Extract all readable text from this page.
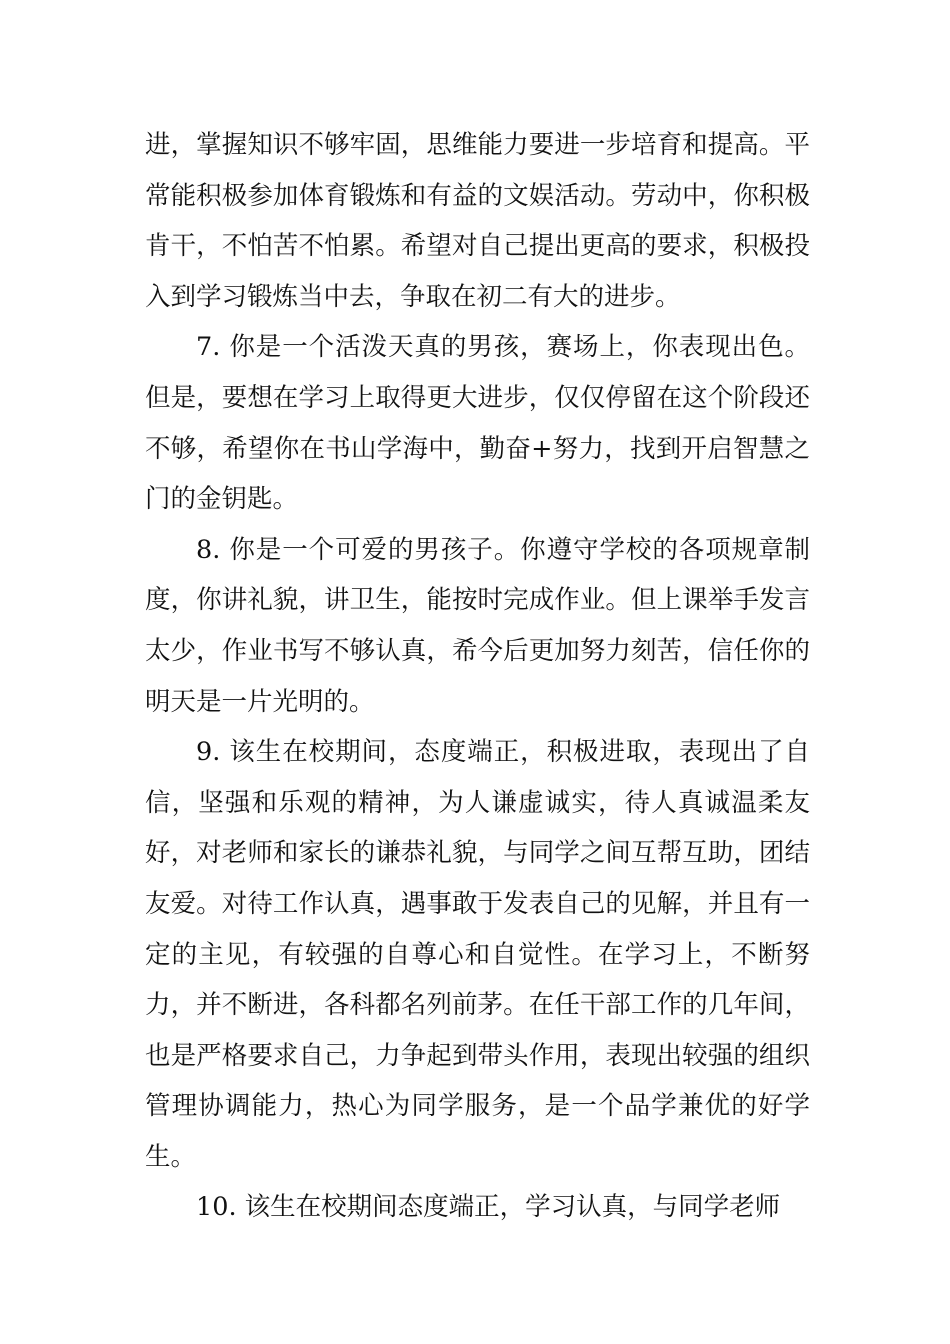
进，掌握知识不够牢固，思维能力要进一步培育和提高。平常能积极参加体育锻炼和有益的文娱活动。劳动中，你积极肯干，不怕苦不怕累。希望对自己提出更高的要求，积极投入到学习锻炼当中去，争取在初二有大的进步。

7. 你是一个活泼天真的男孩，赛场上，你表现出色。但是，要想在学习上取得更大进步，仅仅停留在这个阶段还不够，希望你在书山学海中，勤奋+努力，找到开启智慧之门的金钥匙。

8. 你是一个可爱的男孩子。你遵守学校的各项规章制度，你讲礼貌，讲卫生，能按时完成作业。但上课举手发言太少，作业书写不够认真，希今后更加努力刻苦，信任你的明天是一片光明的。

9. 该生在校期间，态度端正，积极进取，表现出了自信，坚强和乐观的精神，为人谦虚诚实，待人真诚温柔友好，对老师和家长的谦恭礼貌，与同学之间互帮互助，团结友爱。对待工作认真，遇事敢于发表自己的见解，并且有一定的主见，有较强的自尊心和自觉性。在学习上，不断努力，并不断进，各科都名列前茅。在任干部工作的几年间，也是严格要求自己，力争起到带头作用，表现出较强的组织管理协调能力，热心为同学服务，是一个品学兼优的好学生。

10. 该生在校期间态度端正，学习认真，与同学老师
